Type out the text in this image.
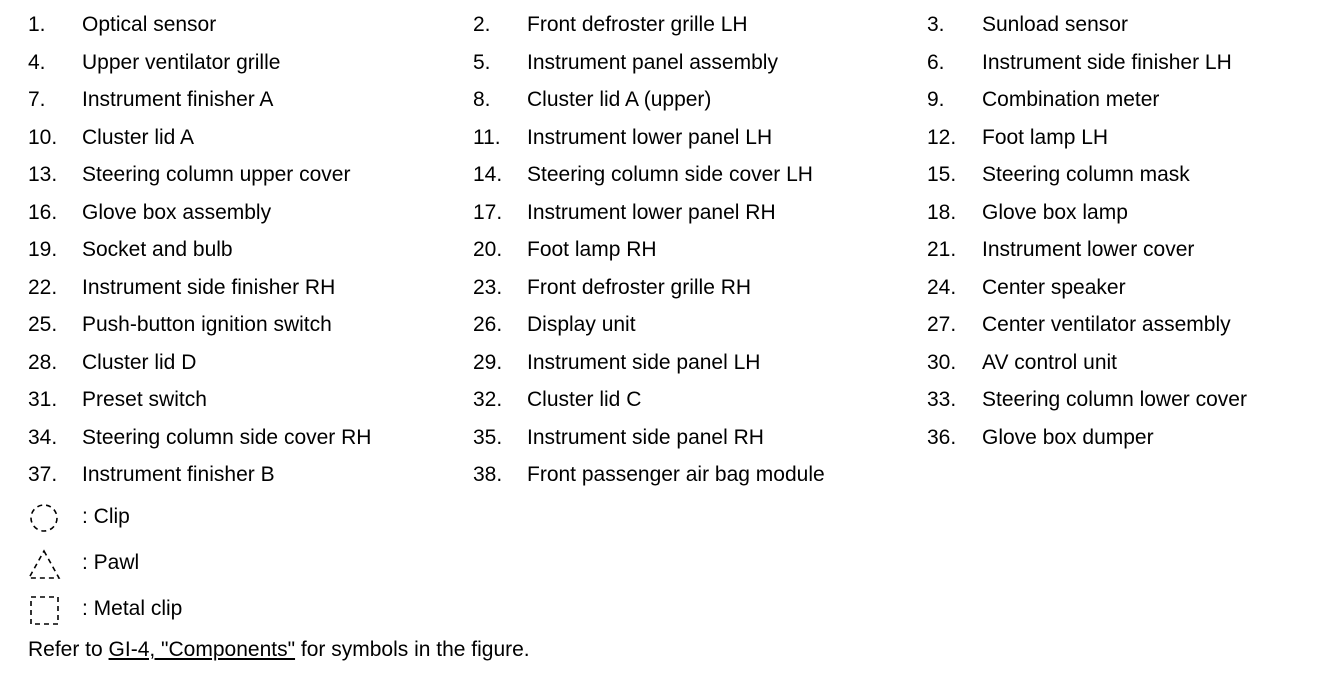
1. Optical sensor	2. Front defroster grille LH	3. Sunload sensor
4. Upper ventilator grille	5. Instrument panel assembly	6. Instrument side finisher LH
7. Instrument finisher A	8. Cluster lid A (upper)	9. Combination meter
10. Cluster lid A	11. Instrument lower panel LH	12. Foot lamp LH
13. Steering column upper cover	14. Steering column side cover LH	15. Steering column mask
16. Glove box assembly	17. Instrument lower panel RH	18. Glove box lamp
19. Socket and bulb	20. Foot lamp RH	21. Instrument lower cover
22. Instrument side finisher RH	23. Front defroster grille RH	24. Center speaker
25. Push-button ignition switch	26. Display unit	27. Center ventilator assembly
28. Cluster lid D	29. Instrument side panel LH	30. AV control unit
31. Preset switch	32. Cluster lid C	33. Steering column lower cover
34. Steering column side cover RH	35. Instrument side panel RH	36. Glove box dumper
37. Instrument finisher B	38. Front passenger air bag module
: Clip
: Pawl
: Metal clip
Refer to GI-4, "Components" for symbols in the figure.
